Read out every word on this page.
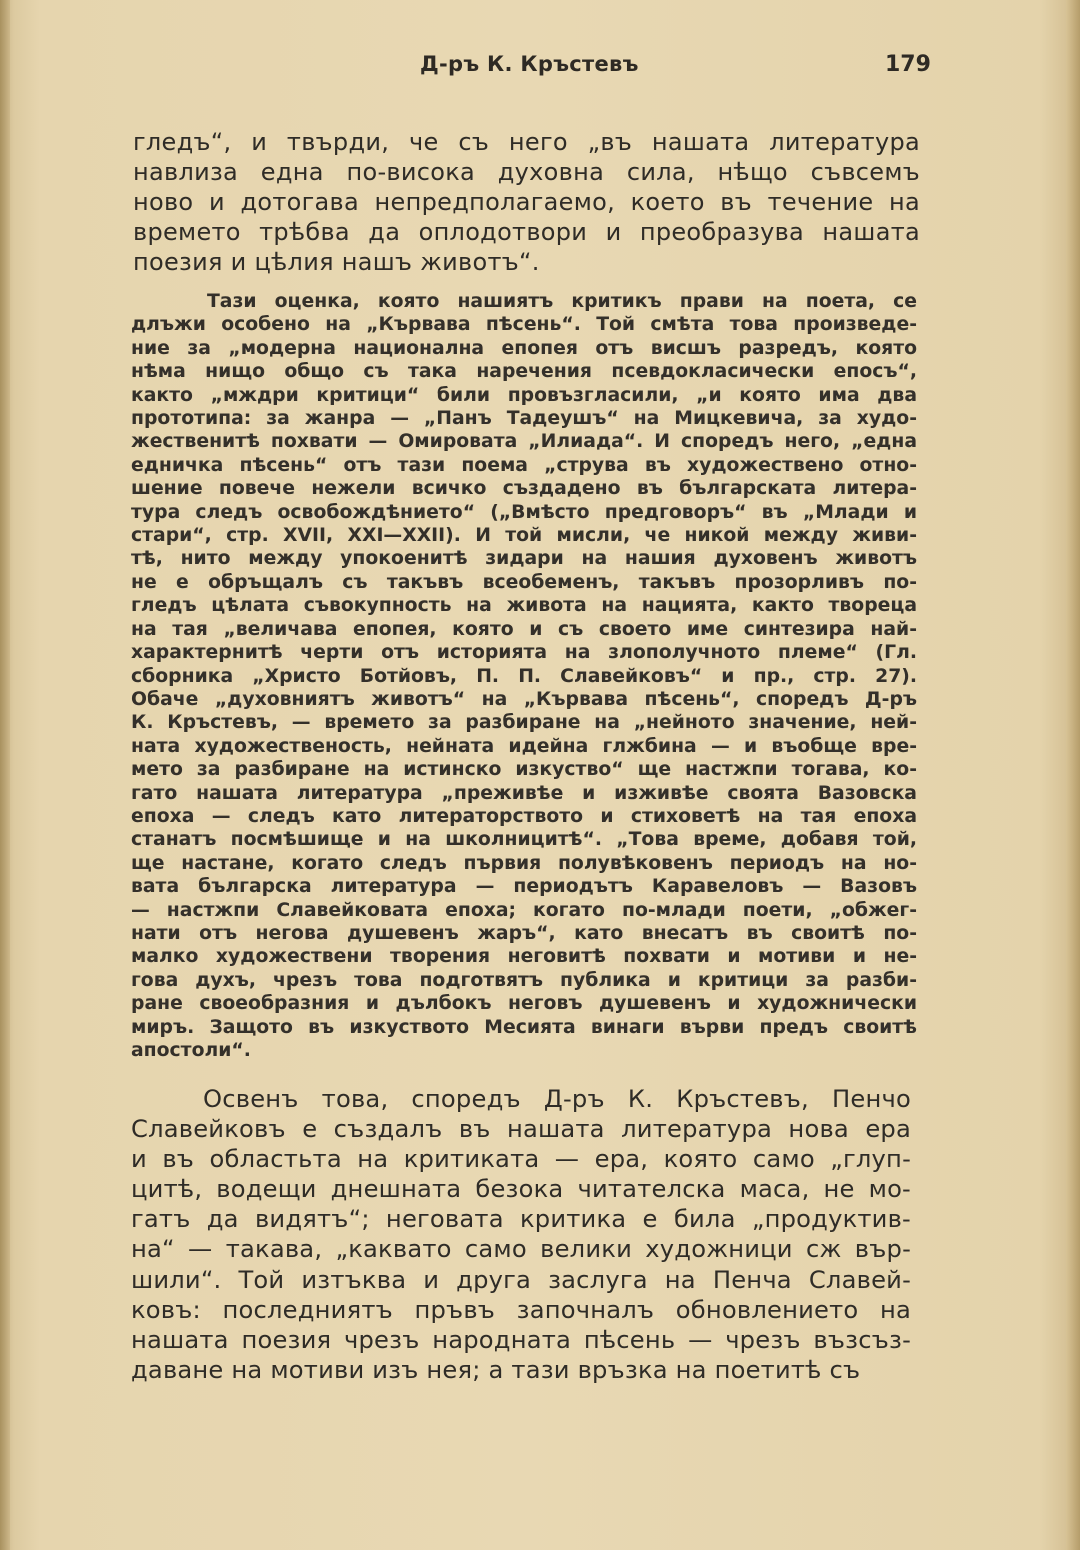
Д-ръ К. Кръстевъ	179
гледъ“, и твърди, че съ него „въ нашата литература
навлиза една по-висока духовна сила, нѣщо съвсемъ
ново и дотогава непредполагаемо, което въ течение на
времето трѣбва да оплодотвори и преобразува нашата
поезия и цѣлия нашъ животъ“.
Тази оценка, която нашиятъ критикъ прави на поета, се
длъжи особено на „Кървава пѣсень“. Той смѣта това произведе-
ние за „модерна национална епопея отъ висшъ разредъ, която
нѣма нищо общо съ така наречения псевдокласически епосъ“,
както „мждри критици“ били провъзгласили, „и която има два
прототипа: за жанра — „Панъ Тадеушъ“ на Мицкевича, за худо-
жественитѣ похвати — Омировата „Илиада“. И споредъ него, „една
едничка пѣсень“ отъ тази поема „струва въ художествено отно-
шение повече нежели всичко създадено въ българската литера-
тура следъ освобождѣнието“ („Вмѣсто предговоръ“ въ „Млади и
стари“, стр. XVII, XXI—XXII). И той мисли, че никой между живи-
тѣ, нито между упокоенитѣ зидари на нашия духовенъ животъ
не е обръщалъ съ такъвъ всеобеменъ, такъвъ прозорливъ по-
гледъ цѣлата съвокупность на живота на нацията, както твореца
на тая „величава епопея, която и съ своето име синтезира най-
характернитѣ черти отъ историята на злополучното племе“ (Гл.
сборника „Христо Ботйовъ, П. П. Славейковъ“ и пр., стр. 27).
Обаче „духовниятъ животъ“ на „Кървава пѣсень“, споредъ Д-ръ
К. Кръстевъ, — времето за разбиране на „нейното значение, ней-
ната художественость, нейната идейна глжбина — и въобще вре-
мето за разбиране на истинско изкуство“ ще настжпи тогава, ко-
гато нашата литература „преживѣе и изживѣе своята Вазовска
епоха — следъ като литераторството и стиховетѣ на тая епоха
станатъ посмѣшище и на школницитѣ“. „Това време, добавя той,
ще настане, когато следъ първия полувѣковенъ периодъ на но-
вата българска литература — периодътъ Каравеловъ — Вазовъ
— настжпи Славейковата епоха; когато по-млади поети, „обжег-
нати отъ негова душевенъ жаръ“, като внесатъ въ своитѣ по-
малко художествени творения неговитѣ похвати и мотиви и не-
гова духъ, чрезъ това подготвятъ публика и критици за разби-
ране своеобразния и дълбокъ неговъ душевенъ и художнически
миръ. Защото въ изкуството Месията винаги върви предъ своитѣ
апостоли“.
Освенъ това, споредъ Д-ръ К. Кръстевъ, Пенчо
Славейковъ е създалъ въ нашата литература нова ера
и въ областьта на критиката — ера, която само „глуп-
цитѣ, водещи днешната безока читателска маса, не мо-
гатъ да видятъ“; неговата критика е била „продуктив-
на“ — такава, „каквато само велики художници сж вър-
шили“. Той изтъква и друга заслуга на Пенча Славей-
ковъ: последниятъ пръвъ започналъ обновлението на
нашата поезия чрезъ народната пѣсень — чрезъ възсъз-
даване на мотиви изъ нея; а тази връзка на поетитѣ съ
